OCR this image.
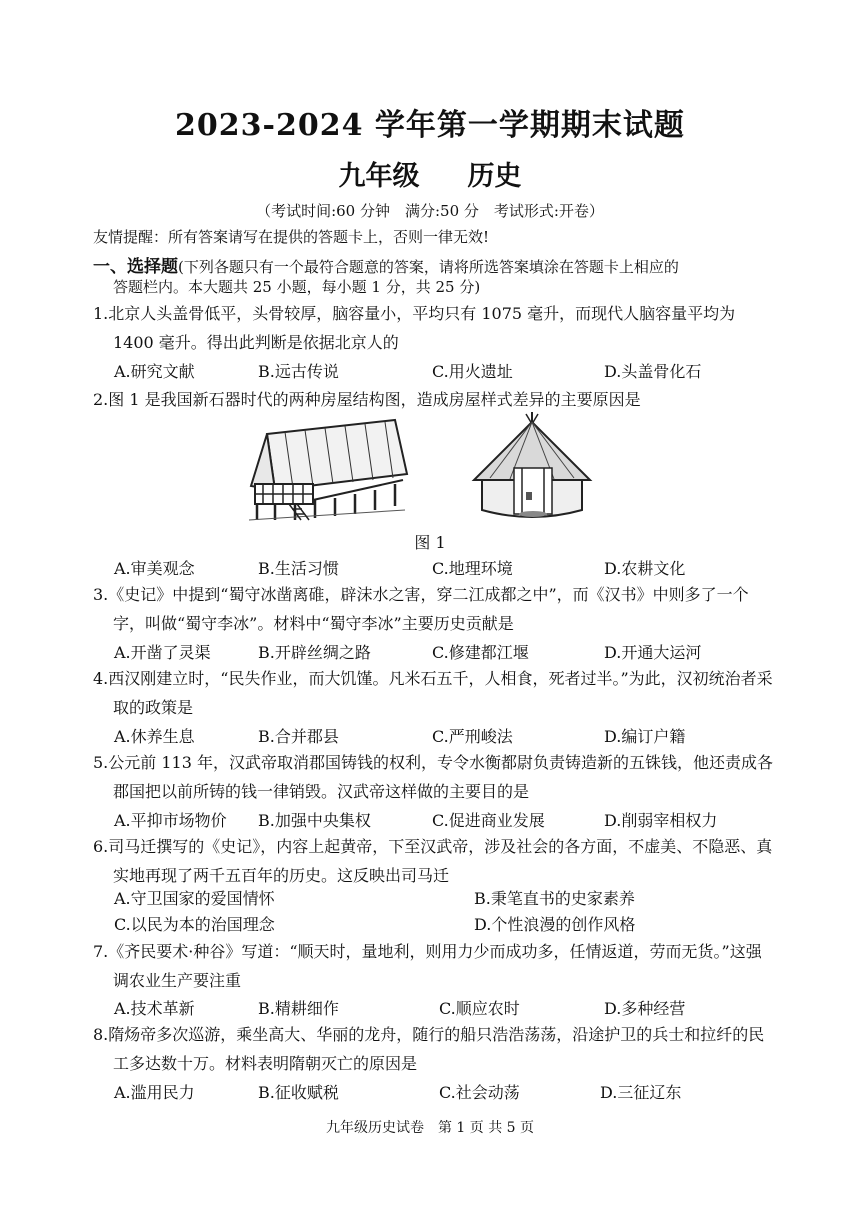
2023-2024 学年第一学期期末试题
九年级 历史
（考试时间:60 分钟　满分:50 分　考试形式:开卷）
友情提醒：所有答案请写在提供的答题卡上，否则一律无效!
一、选择题(下列各题只有一个最符合题意的答案，请将所选答案填涂在答题卡上相应的
答题栏内。本大题共 25 小题，每小题 1 分，共 25 分)
1.北京人头盖骨低平，头骨较厚，脑容量小，平均只有 1075 毫升，而现代人脑容量平均为 1400 毫升。得出此判断是依据北京人的
A.研究文献	B.远古传说	C.用火遗址	D.头盖骨化石
2.图 1 是我国新石器时代的两种房屋结构图，造成房屋样式差异的主要原因是
图 1
A.审美观念	B.生活习惯	C.地理环境	D.农耕文化
3.《史记》中提到“蜀守冰凿离碓，辟沫水之害，穿二江成都之中”，而《汉书》中则多了一个字，叫做“蜀守李冰”。材料中“蜀守李冰”主要历史贡献是
A.开凿了灵渠	B.开辟丝绸之路	C.修建都江堰	D.开通大运河
4.西汉刚建立时，“民失作业，而大饥馑。凡米石五千，人相食，死者过半。”为此，汉初统治者采取的政策是
A.休养生息	B.合并郡县	C.严刑峻法	D.编订户籍
5.公元前 113 年，汉武帝取消郡国铸钱的权利，专令水衡都尉负责铸造新的五铢钱，他还责成各郡国把以前所铸的钱一律销毁。汉武帝这样做的主要目的是
A.平抑市场物价 B.加强中央集权	C.促进商业发展	D.削弱宰相权力
6.司马迁撰写的《史记》，内容上起黄帝，下至汉武帝，涉及社会的各方面，不虚美、不隐恶、真实地再现了两千五百年的历史。这反映出司马迁
A.守卫国家的爱国情怀	B.秉笔直书的史家素养
C.以民为本的治国理念	D.个性浪漫的创作风格
7.《齐民要术·种谷》写道：“顺天时，量地利，则用力少而成功多，任情返道，劳而无货。”这强调农业生产要注重
A.技术革新	B.精耕细作	C.顺应农时	D.多种经营
8.隋炀帝多次巡游，乘坐高大、华丽的龙舟，随行的船只浩浩荡荡，沿途护卫的兵士和拉纤的民工多达数十万。材料表明隋朝灭亡的原因是
A.滥用民力	B.征收赋税	C.社会动荡	D.三征辽东
九年级历史试卷　第 1 页 共 5 页
